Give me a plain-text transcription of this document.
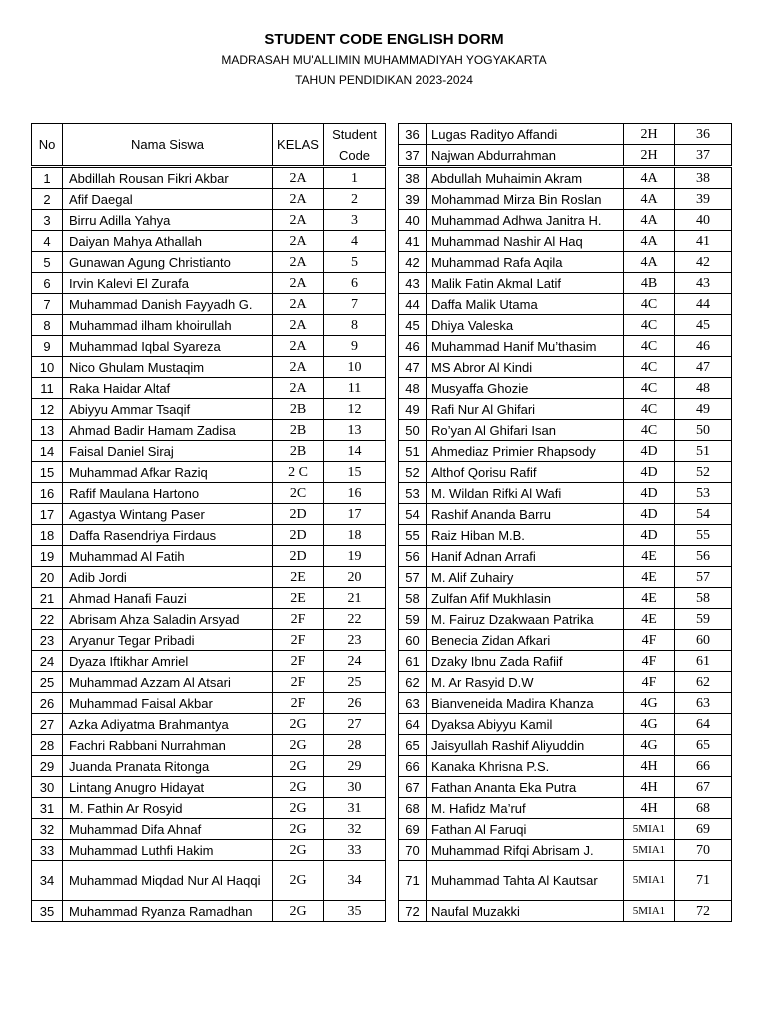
STUDENT CODE ENGLISH DORM
MADRASAH MU'ALLIMIN MUHAMMADIYAH YOGYAKARTA
TAHUN PENDIDIKAN 2023-2024
No	Nama Siswa	KELAS	Student
Code

1	Abdillah Rousan Fikri Akbar	2A	1
2	Afif Daegal	2A	2
3	Birru Adilla Yahya	2A	3
4	Daiyan Mahya Athallah	2A	4
5	Gunawan Agung Christianto	2A	5
6	Irvin Kalevi El Zurafa	2A	6
7	Muhammad Danish Fayyadh G.	2A	7
8	Muhammad ilham khoirullah	2A	8
9	Muhammad Iqbal Syareza	2A	9
10	Nico Ghulam Mustaqim	2A	10
11	Raka Haidar Altaf	2A	11
12	Abiyyu Ammar Tsaqif	2B	12
13	Ahmad Badir Hamam Zadisa	2B	13
14	Faisal Daniel Siraj	2B	14
15	Muhammad Afkar Raziq	2 C	15
16	Rafif Maulana Hartono	2C	16
17	Agastya Wintang Paser	2D	17
18	Daffa Rasendriya Firdaus	2D	18
19	Muhammad Al Fatih	2D	19
20	Adib Jordi	2E	20
21	Ahmad Hanafi Fauzi	2E	21
22	Abrisam Ahza Saladin Arsyad	2F	22
23	Aryanur Tegar Pribadi	2F	23
24	Dyaza Iftikhar Amriel	2F	24
25	Muhammad Azzam Al Atsari	2F	25
26	Muhammad Faisal Akbar	2F	26
27	Azka Adiyatma Brahmantya	2G	27
28	Fachri Rabbani Nurrahman	2G	28
29	Juanda Pranata Ritonga	2G	29
30	Lintang Anugro Hidayat	2G	30
31	M. Fathin Ar Rosyid	2G	31
32	Muhammad Difa Ahnaf	2G	32
33	Muhammad Luthfi Hakim	2G	33
34	Muhammad Miqdad Nur Al Haqqi	2G	34
35	Muhammad Ryanza Ramadhan	2G	35
36	Lugas Radityo Affandi	2H	36
37	Najwan Abdurrahman	2H	37
38	Abdullah Muhaimin Akram	4A	38
39	Mohammad Mirza Bin Roslan	4A	39
40	Muhammad Adhwa Janitra H.	4A	40
41	Muhammad Nashir Al Haq	4A	41
42	Muhammad Rafa Aqila	4A	42
43	Malik Fatin Akmal Latif	4B	43
44	Daffa Malik Utama	4C	44
45	Dhiya Valeska	4C	45
46	Muhammad Hanif Mu’thasim	4C	46
47	MS Abror Al Kindi	4C	47
48	Musyaffa Ghozie	4C	48
49	Rafi Nur Al Ghifari	4C	49
50	Ro’yan Al Ghifari Isan	4C	50
51	Ahmediaz Primier Rhapsody	4D	51
52	Althof Qorisu Rafif	4D	52
53	M. Wildan Rifki Al Wafi	4D	53
54	Rashif Ananda Barru	4D	54
55	Raiz Hiban M.B.	4D	55
56	Hanif Adnan Arrafi	4E	56
57	M. Alif Zuhairy	4E	57
58	Zulfan Afif Mukhlasin	4E	58
59	M. Fairuz Dzakwaan Patrika	4E	59
60	Benecia Zidan Afkari	4F	60
61	Dzaky Ibnu Zada Rafiif	4F	61
62	M. Ar Rasyid D.W	4F	62
63	Bianveneida Madira Khanza	4G	63
64	Dyaksa Abiyyu Kamil	4G	64
65	Jaisyullah Rashif Aliyuddin	4G	65
66	Kanaka Khrisna P.S.	4H	66
67	Fathan Ananta Eka Putra	4H	67
68	M. Hafidz Ma’ruf	4H	68
69	Fathan Al Faruqi	5MIA1	69
70	Muhammad Rifqi Abrisam J.	5MIA1	70
71	Muhammad Tahta Al Kautsar	5MIA1	71
72	Naufal Muzakki	5MIA1	72
